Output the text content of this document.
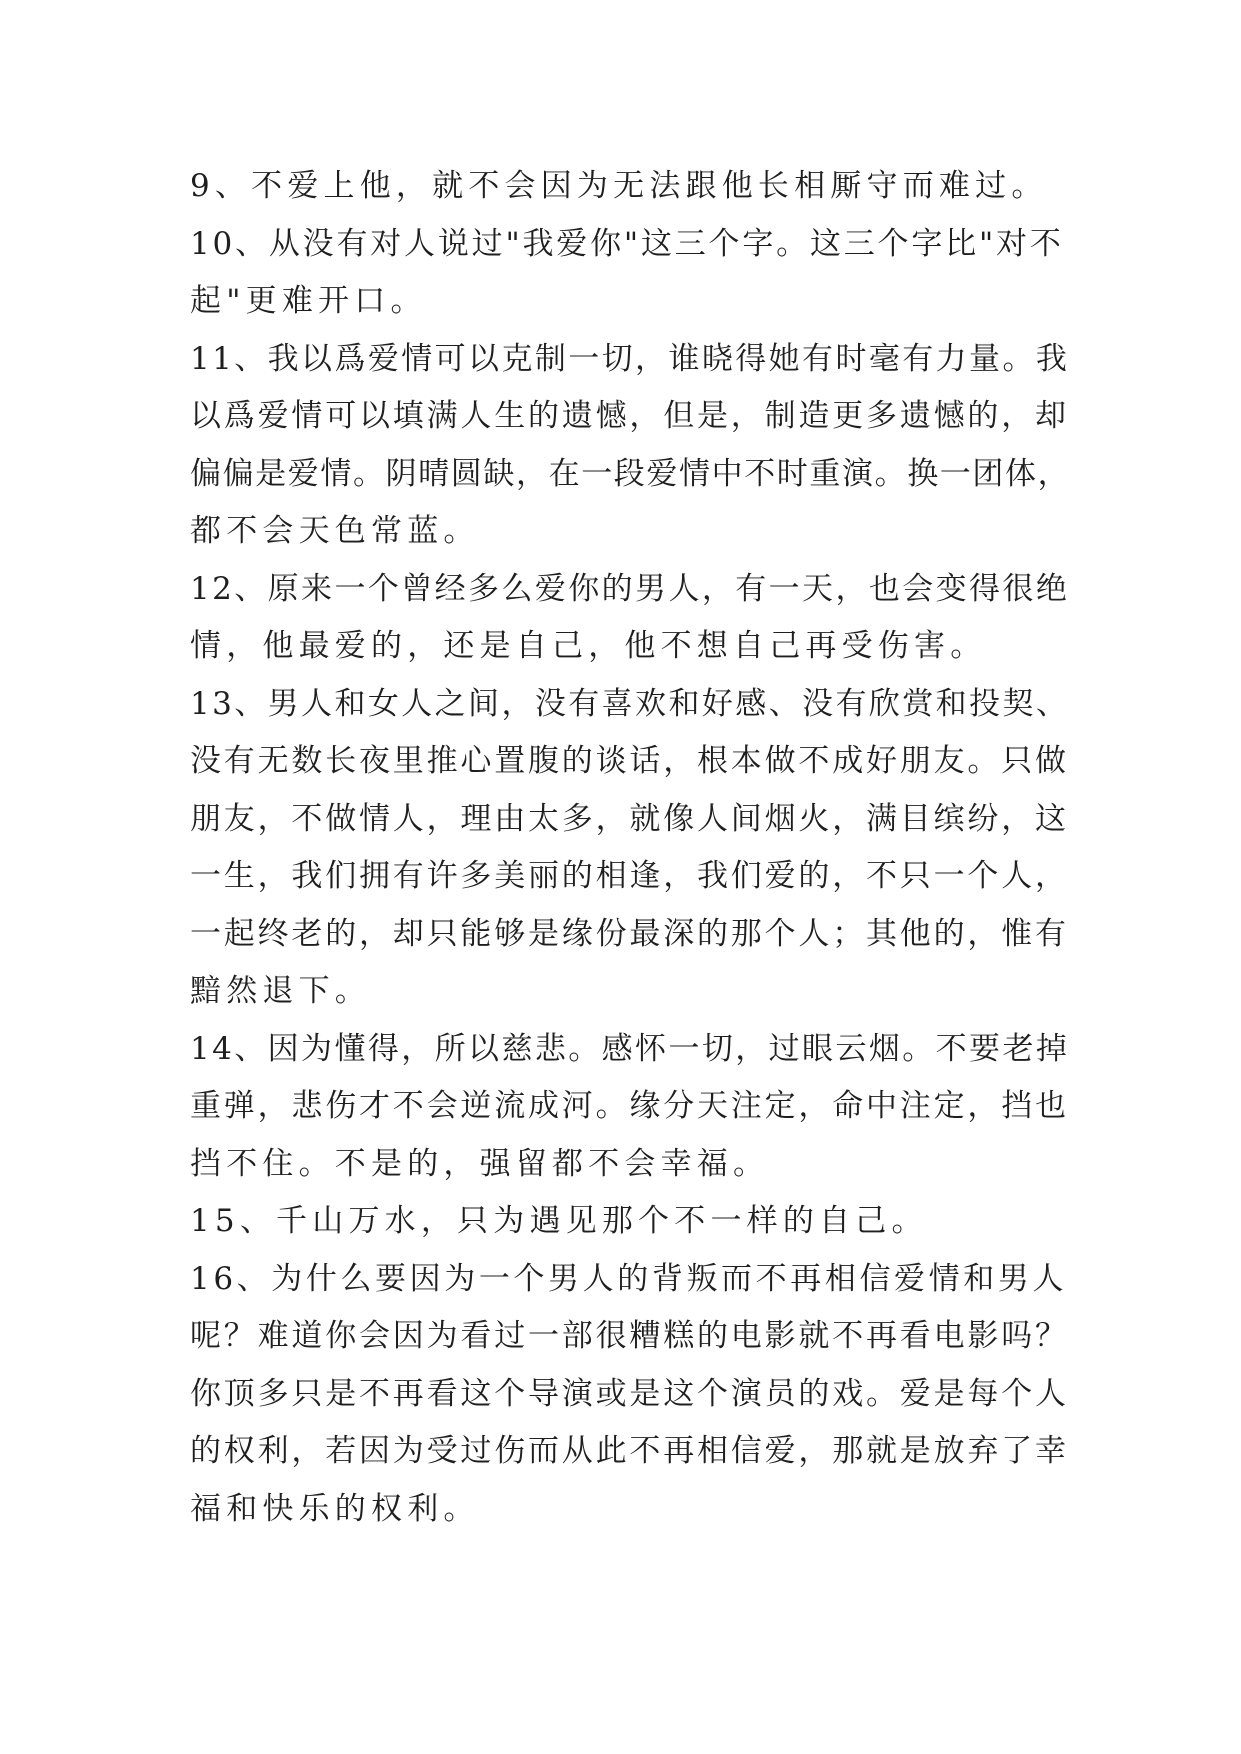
9、不爱上他，就不会因为无法跟他长相厮守而难过。
10、从没有对人说过"我爱你"这三个字。这三个字比"对不
起"更难开口。
11、我以爲爱情可以克制一切，谁晓得她有时毫有力量。我
以爲爱情可以填满人生的遗憾，但是，制造更多遗憾的，却
偏偏是爱情。阴晴圆缺，在一段爱情中不时重演。换一团体，
都不会天色常蓝。
12、原来一个曾经多么爱你的男人，有一天，也会变得很绝
情，他最爱的，还是自己，他不想自己再受伤害。
13、男人和女人之间，没有喜欢和好感、没有欣赏和投契、
没有无数长夜里推心置腹的谈话，根本做不成好朋友。只做
朋友，不做情人，理由太多，就像人间烟火，满目缤纷，这
一生，我们拥有许多美丽的相逢，我们爱的，不只一个人，
一起终老的，却只能够是缘份最深的那个人；其他的，惟有
黯然退下。
14、因为懂得，所以慈悲。感怀一切，过眼云烟。不要老掉
重弹，悲伤才不会逆流成河。缘分天注定，命中注定，挡也
挡不住。不是的，强留都不会幸福。
15、千山万水，只为遇见那个不一样的自己。
16、为什么要因为一个男人的背叛而不再相信爱情和男人
呢？难道你会因为看过一部很糟糕的电影就不再看电影吗？
你顶多只是不再看这个导演或是这个演员的戏。爱是每个人
的权利，若因为受过伤而从此不再相信爱，那就是放弃了幸
福和快乐的权利。
